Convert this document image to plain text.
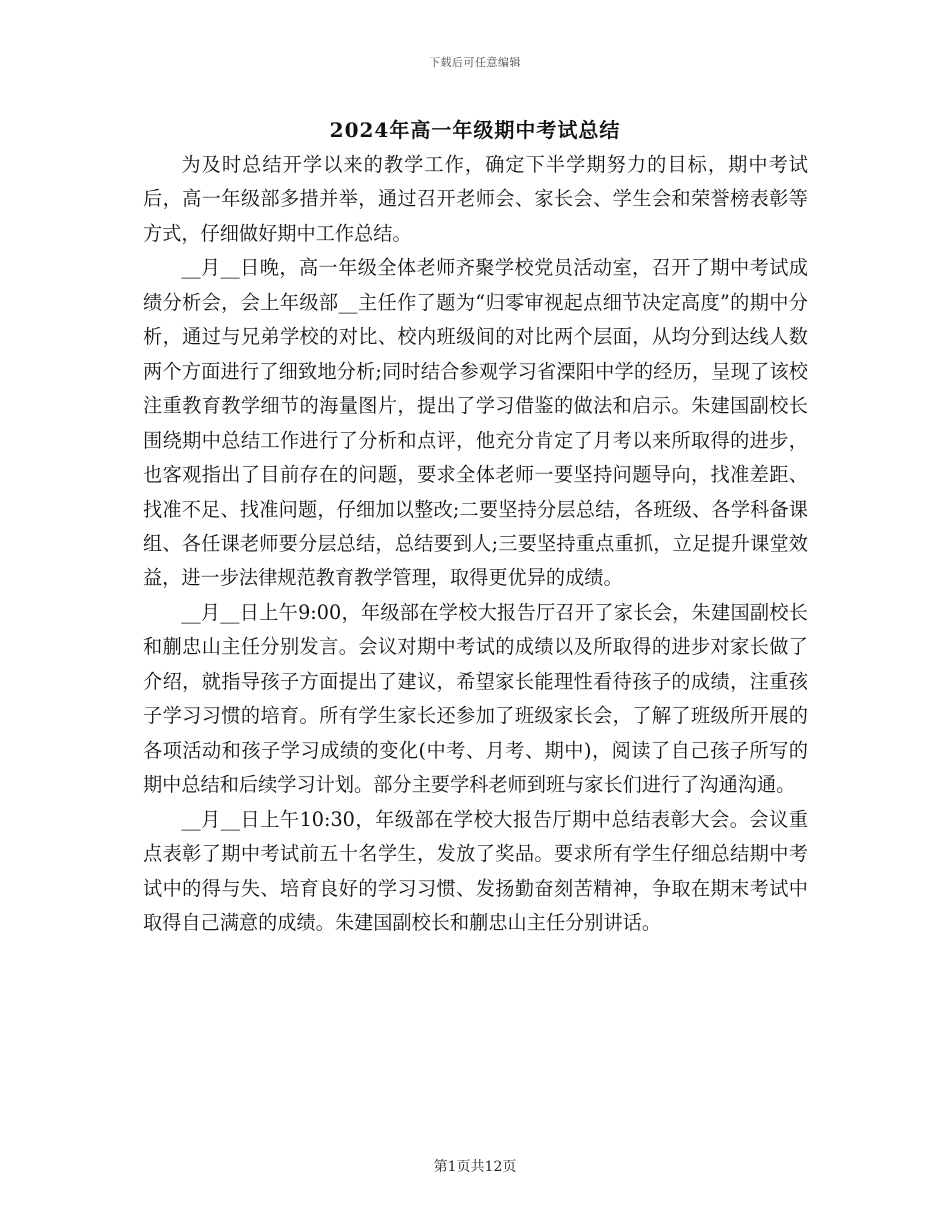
下载后可任意编辑
2024年高一年级期中考试总结

为及时总结开学以来的教学工作，确定下半学期努力的目标，期中考试后，高一年级部多措并举，通过召开老师会、家长会、学生会和荣誉榜表彰等方式，仔细做好期中工作总结。

__月__日晚，高一年级全体老师齐聚学校党员活动室，召开了期中考试成绩分析会，会上年级部__主任作了题为“归零审视起点细节决定高度”的期中分析，通过与兄弟学校的对比、校内班级间的对比两个层面，从均分到达线人数两个方面进行了细致地分析;同时结合参观学习省溧阳中学的经历，呈现了该校注重教育教学细节的海量图片，提出了学习借鉴的做法和启示。朱建国副校长围绕期中总结工作进行了分析和点评，他充分肯定了月考以来所取得的进步，也客观指出了目前存在的问题，要求全体老师一要坚持问题导向，找准差距、找准不足、找准问题，仔细加以整改;二要坚持分层总结，各班级、各学科备课组、各任课老师要分层总结，总结要到人;三要坚持重点重抓，立足提升课堂效益，进一步法律规范教育教学管理，取得更优异的成绩。

__月__日上午9:00，年级部在学校大报告厅召开了家长会，朱建国副校长和蒯忠山主任分别发言。会议对期中考试的成绩以及所取得的进步对家长做了介绍，就指导孩子方面提出了建议，希望家长能理性看待孩子的成绩，注重孩子学习习惯的培育。所有学生家长还参加了班级家长会，了解了班级所开展的各项活动和孩子学习成绩的变化(中考、月考、期中)，阅读了自己孩子所写的期中总结和后续学习计划。部分主要学科老师到班与家长们进行了沟通沟通。

__月__日上午10:30，年级部在学校大报告厅期中总结表彰大会。会议重点表彰了期中考试前五十名学生，发放了奖品。要求所有学生仔细总结期中考试中的得与失、培育良好的学习习惯、发扬勤奋刻苦精神，争取在期末考试中取得自己满意的成绩。朱建国副校长和蒯忠山主任分别讲话。

第1页共12页
